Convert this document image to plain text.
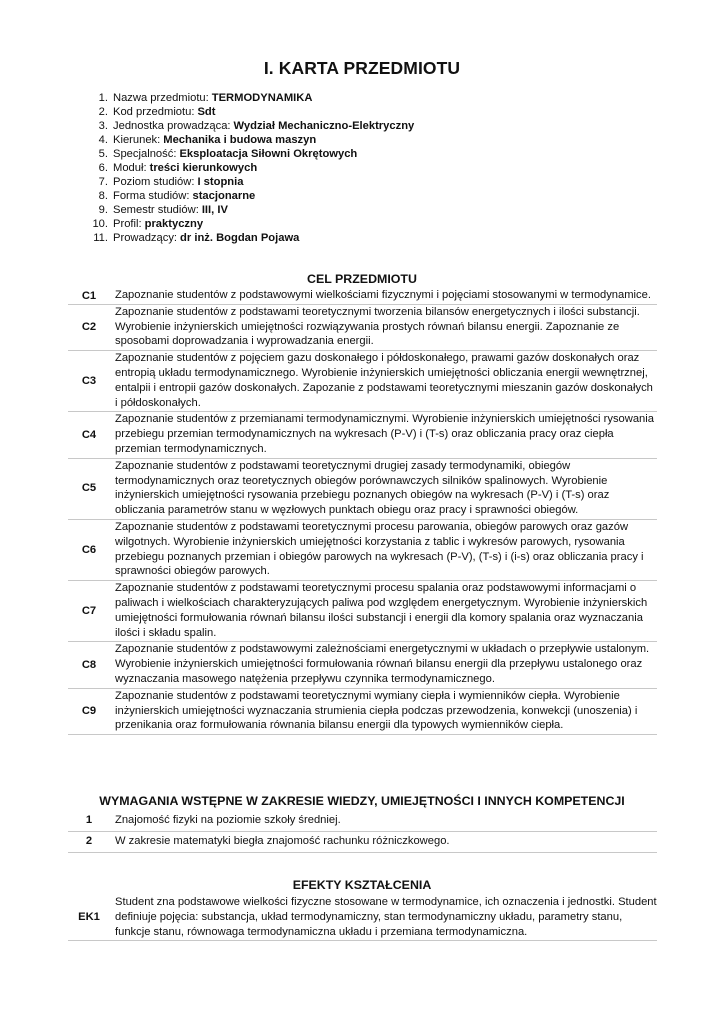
I. KARTA PRZEDMIOTU
1. Nazwa przedmiotu: TERMODYNAMIKA
2. Kod przedmiotu: Sdt
3. Jednostka prowadząca: Wydział Mechaniczno-Elektryczny
4. Kierunek: Mechanika i budowa maszyn
5. Specjalność: Eksploatacja Siłowni Okrętowych
6. Moduł: treści kierunkowych
7. Poziom studiów: I stopnia
8. Forma studiów: stacjonarne
9. Semestr studiów: III, IV
10. Profil: praktyczny
11. Prowadzący: dr inż. Bogdan Pojawa
CEL PRZEDMIOTU
C1	Zapoznanie studentów z podstawowymi wielkościami fizycznymi i pojęciami stosowanymi w termodynamice.
C2	Zapoznanie studentów z podstawami teoretycznymi tworzenia bilansów energetycznych i ilości substancji. Wyrobienie inżynierskich umiejętności rozwiązywania prostych równań bilansu energii. Zapoznanie ze sposobami doprowadzania i wyprowadzania energii.
C3	Zapoznanie studentów z pojęciem gazu doskonałego i półdoskonałego, prawami gazów doskonałych oraz entropią układu termodynamicznego. Wyrobienie inżynierskich umiejętności obliczania energii wewnętrznej, entalpii i entropii gazów doskonałych. Zapozanie z podstawami teoretycznymi mieszanin gazów doskonałych i półdoskonałych.
C4	Zapoznanie studentów z przemianami termodynamicznymi. Wyrobienie inżynierskich umiejętności rysowania przebiegu przemian termodynamicznych na wykresach (P-V) i (T-s) oraz obliczania pracy oraz ciepła przemian termodynamicznych.
C5	Zapoznanie studentów z podstawami teoretycznymi drugiej zasady termodynamiki, obiegów termodynamicznych oraz teoretycznych obiegów porównawczych silników spalinowych. Wyrobienie inżynierskich umiejętności rysowania przebiegu poznanych obiegów na wykresach (P-V) i (T-s) oraz obliczania parametrów stanu w węzłowych punktach obiegu oraz pracy i sprawności obiegów.
C6	Zapoznanie studentów z podstawami teoretycznymi procesu parowania, obiegów parowych oraz gazów wilgotnych. Wyrobienie inżynierskich umiejętności korzystania z tablic i wykresów parowych, rysowania przebiegu poznanych przemian i obiegów parowych na wykresach (P-V), (T-s) i (i-s) oraz obliczania pracy i sprawności obiegów parowych.
C7	Zapoznanie studentów z podstawami teoretycznymi procesu spalania oraz podstawowymi informacjami o paliwach i wielkościach charakteryzujących paliwa pod względem energetycznym. Wyrobienie inżynierskich umiejętności formułowania równań bilansu ilości substancji i energii dla komory spalania oraz wyznaczania ilości i składu spalin.
C8	Zapoznanie studentów z podstawowymi zależnościami energetycznymi w układach o przepływie ustalonym. Wyrobienie inżynierskich umiejętności formułowania równań bilansu energii dla przepływu ustalonego oraz wyznaczania masowego natężenia przepływu czynnika termodynamicznego.
C9	Zapoznanie studentów z podstawami teoretycznymi wymiany ciepła i wymienników ciepła. Wyrobienie inżynierskich umiejętności wyznaczania strumienia ciepła podczas przewodzenia, konwekcji (unoszenia) i przenikania oraz formułowania równania bilansu energii dla typowych wymienników ciepła.
WYMAGANIA WSTĘPNE W ZAKRESIE WIEDZY, UMIEJĘTNOŚCI I INNYCH KOMPETENCJI
1	Znajomość fizyki na poziomie szkoły średniej.
2	W zakresie matematyki biegła znajomość rachunku różniczkowego.
EFEKTY KSZTAŁCENIA
EK1	Student zna podstawowe wielkości fizyczne stosowane w termodynamice, ich oznaczenia i jednostki. Student definiuje pojęcia: substancja, układ termodynamiczny, stan termodynamiczny układu, parametry stanu, funkcje stanu, równowaga termodynamiczna układu i przemiana termodynamiczna.
